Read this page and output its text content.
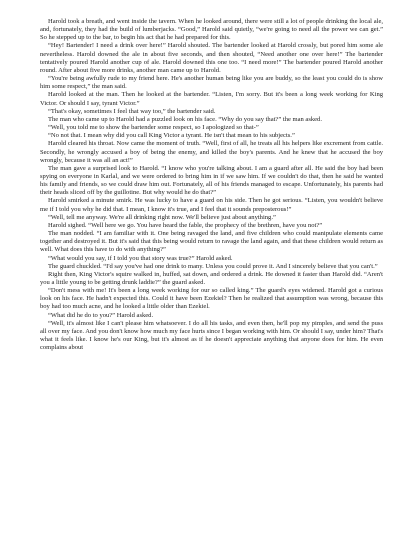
Harold took a breath, and went inside the tavern. When he looked around, there were still a lot of people drinking the local ale, and, fortunately, they had the build of lumberjacks. “Good,” Harold said quietly, “we're going to need all the power we can get.” So he stepped up to the bar, to begin his act that he had prepared for this.

“Hey! Bartender! I need a drink over here!” Harold shouted. The bartender looked at Harold crossly, but pored him some ale nevertheless. Harold downed the ale in about five seconds, and then shouted, “Need another one over here!” The bartender tentatively poured Harold another cup of ale. Harold downed this one too. “I need more!” The bartender poured Harold another round. After about five more drinks, another man came up to Harold.

“You're being awfully rude to my friend here. He's another human being like you are buddy, so the least you could do is show him some respect,” the man said.

Harold looked at the man. Then he looked at the bartender. “Listen, I'm sorry. But it's been a long week working for King Victor. Or should I say, tyrant Victor.”

“That's okay, sometimes I feel that way too,” the bartender said.

The man who came up to Harold had a puzzled look on his face. “Why do you say that?” the man asked.

“Well, you told me to show the bartender some respect, so I apologized so that-”

“No not that. I mean why did you call King Victor a tyrant. He isn't that mean to his subjects.”

Harold cleared his throat. Now came the moment of truth. “Well, first of all, he treats all his helpers like excrement from cattle. Secondly, he wrongly accused a boy of being the enemy, and killed the boy's parents. And he knew that he accused the boy wrongly, because it was all an act!”

The man gave a surprised look to Harold. “I know who you're talking about. I am a guard after all. He said the boy had been spying on everyone in Karlal, and we were ordered to bring him in if we saw him. If we couldn't do that, then he said he wanted his family and friends, so we could draw him out. Fortunately, all of his friends managed to escape. Unfortunately, his parents had their heads sliced off by the guillotine. But why would he do that?”

Harold smirked a minute smirk. He was lucky to have a guard on his side. Then he got serious. “Listen, you wouldn't believe me if I told you why he did that. I mean, I know it's true, and I feel that it sounds preposterous!”

“Well, tell me anyway. We're all drinking right now. We'll believe just about anything.”

Harold sighed. “Well here we go. You have heard the fable, the prophecy of the brethren, have you not?”

The man nodded. “I am familiar with it. One being ravaged the land, and five children who could manipulate elements came together and destroyed it. But it's said that this being would return to ravage the land again, and that these children would return as well. What does this have to do with anything?”

“What would you say, if I told you that story was true?” Harold asked.

The guard chuckled. “I'd say you've had one drink to many. Unless you could prove it. And I sincerely believe that you can't.”

Right then, King Victor's squire walked in, huffed, sat down, and ordered a drink. He downed it faster than Harold did. “Aren't you a little young to be getting drunk laddie?” the guard asked.

“Don't mess with me! It's been a long week working for our so called king.” The guard's eyes widened. Harold got a curious look on his face. He hadn't expected this. Could it have been Ezekiel? Then he realized that assumption was wrong, because this boy had too much acne, and he looked a little older than Ezekiel.

“What did he do to you?” Harold asked.

“Well, it's almost like I can't please him whatsoever. I do all his tasks, and even then, he'll pop my pimples, and send the puss all over my face. And you don't know how much my face hurts since I began working with him. Or should I say, under him? That's what it feels like. I know he's our King, but it's almost as if he doesn't appreciate anything that anyone does for him. He even complains about
